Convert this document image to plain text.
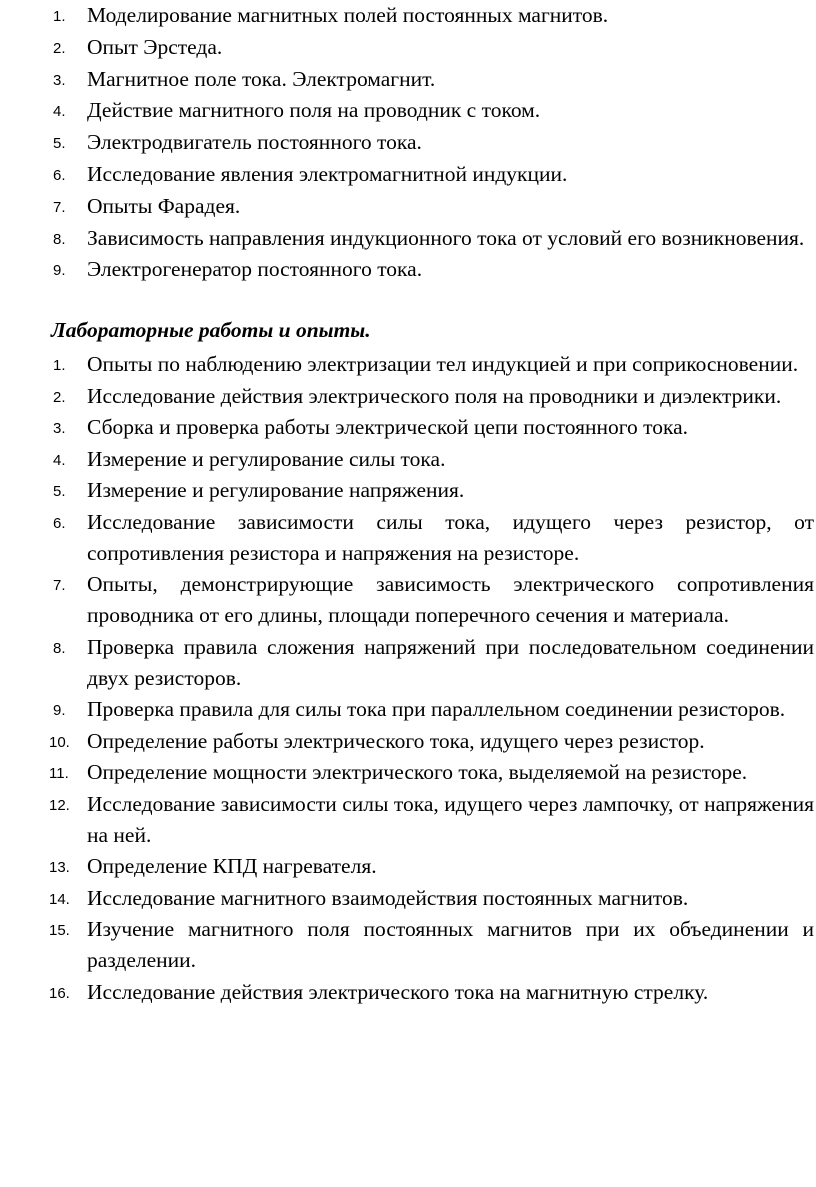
1. Моделирование магнитных полей постоянных магнитов.
2. Опыт Эрстеда.
3. Магнитное поле тока. Электромагнит.
4. Действие магнитного поля на проводник с током.
5. Электродвигатель постоянного тока.
6. Исследование явления электромагнитной индукции.
7. Опыты Фарадея.
8. Зависимость направления индукционного тока от условий его возникновения.
9. Электрогенератор постоянного тока.
Лабораторные работы и опыты.
1. Опыты по наблюдению электризации тел индукцией и при соприкосновении.
2. Исследование действия электрического поля на проводники и диэлектрики.
3. Сборка и проверка работы электрической цепи постоянного тока.
4. Измерение и регулирование силы тока.
5. Измерение и регулирование напряжения.
6. Исследование зависимости силы тока, идущего через резистор, от сопротивления резистора и напряжения на резисторе.
7. Опыты, демонстрирующие зависимость электрического сопротивления проводника от его длины, площади поперечного сечения и материала.
8. Проверка правила сложения напряжений при последовательном соединении двух резисторов.
9. Проверка правила для силы тока при параллельном соединении резисторов.
10. Определение работы электрического тока, идущего через резистор.
11. Определение мощности электрического тока, выделяемой на резисторе.
12. Исследование зависимости силы тока, идущего через лампочку, от напряжения на ней.
13. Определение КПД нагревателя.
14. Исследование магнитного взаимодействия постоянных магнитов.
15. Изучение магнитного поля постоянных магнитов при их объединении и разделении.
16. Исследование действия электрического тока на магнитную стрелку.
